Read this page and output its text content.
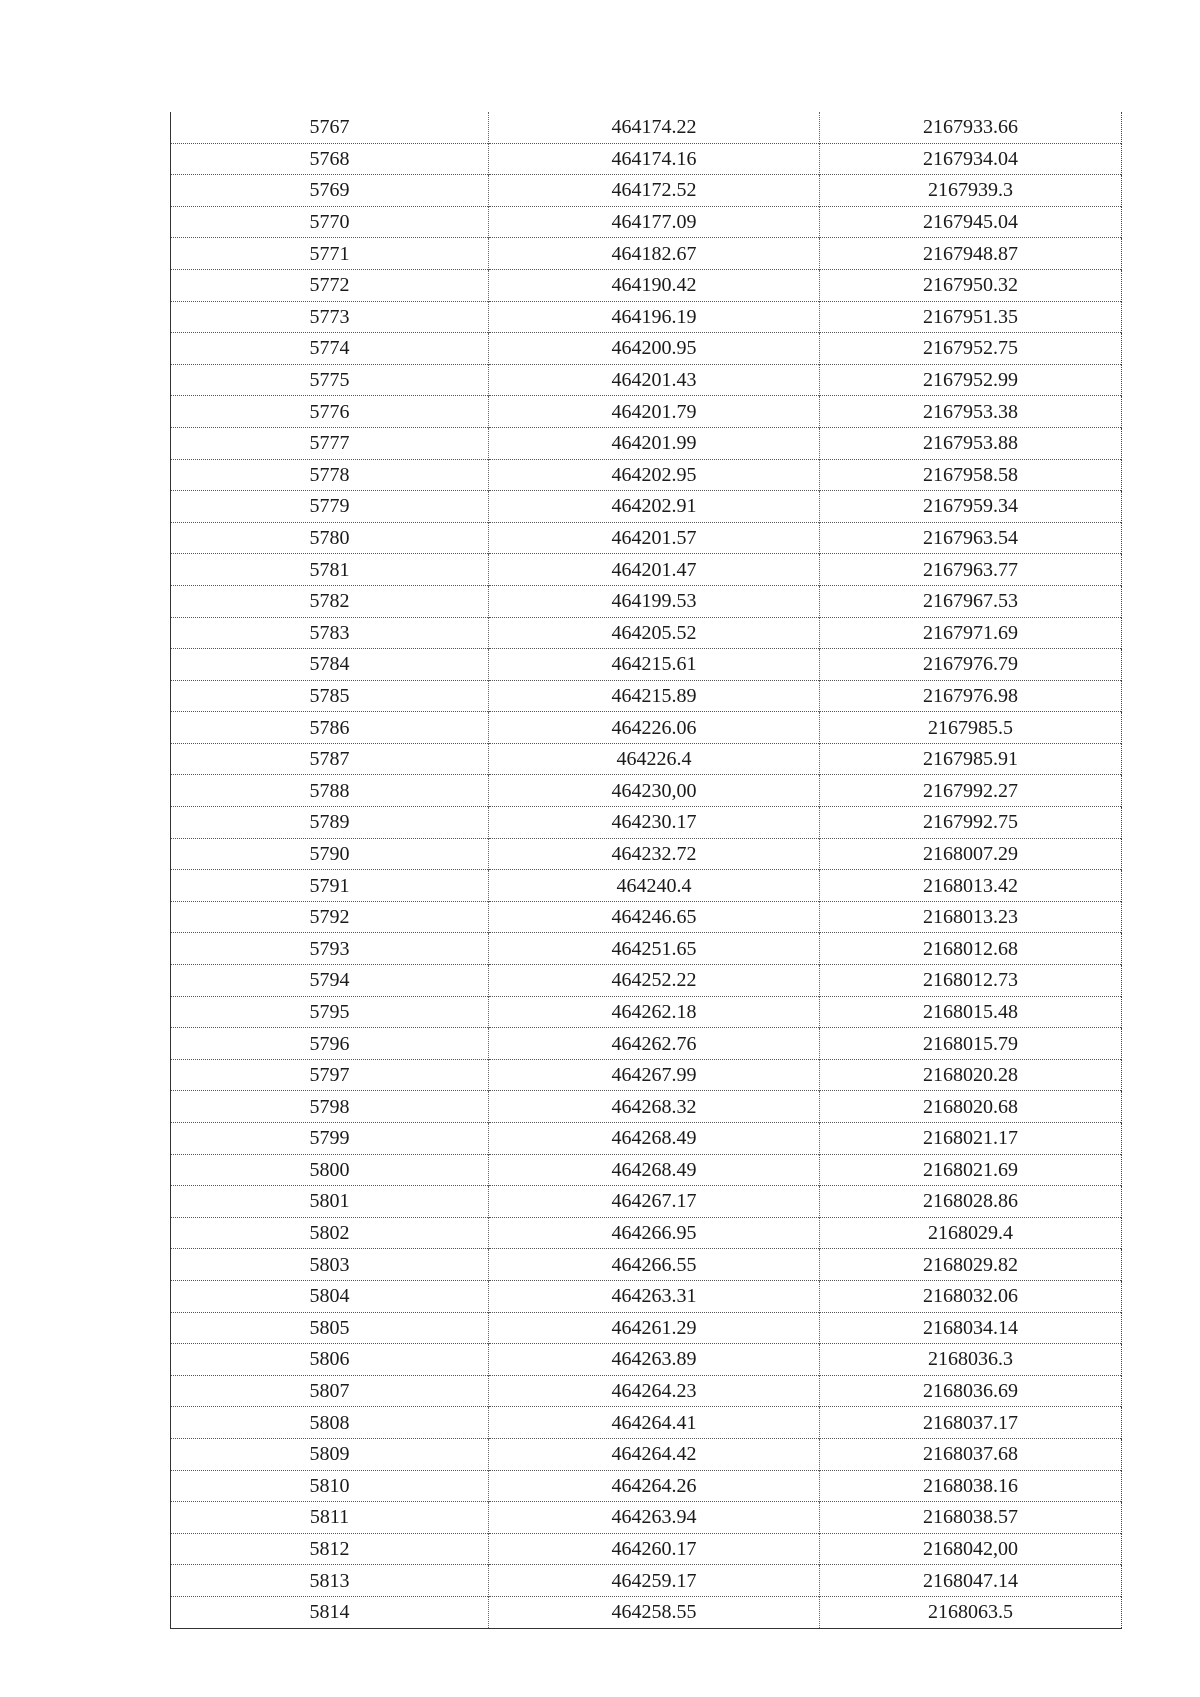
5767	464174.22	2167933.66
5768	464174.16	2167934.04
5769	464172.52	2167939.3
5770	464177.09	2167945.04
5771	464182.67	2167948.87
5772	464190.42	2167950.32
5773	464196.19	2167951.35
5774	464200.95	2167952.75
5775	464201.43	2167952.99
5776	464201.79	2167953.38
5777	464201.99	2167953.88
5778	464202.95	2167958.58
5779	464202.91	2167959.34
5780	464201.57	2167963.54
5781	464201.47	2167963.77
5782	464199.53	2167967.53
5783	464205.52	2167971.69
5784	464215.61	2167976.79
5785	464215.89	2167976.98
5786	464226.06	2167985.5
5787	464226.4	2167985.91
5788	464230,00	2167992.27
5789	464230.17	2167992.75
5790	464232.72	2168007.29
5791	464240.4	2168013.42
5792	464246.65	2168013.23
5793	464251.65	2168012.68
5794	464252.22	2168012.73
5795	464262.18	2168015.48
5796	464262.76	2168015.79
5797	464267.99	2168020.28
5798	464268.32	2168020.68
5799	464268.49	2168021.17
5800	464268.49	2168021.69
5801	464267.17	2168028.86
5802	464266.95	2168029.4
5803	464266.55	2168029.82
5804	464263.31	2168032.06
5805	464261.29	2168034.14
5806	464263.89	2168036.3
5807	464264.23	2168036.69
5808	464264.41	2168037.17
5809	464264.42	2168037.68
5810	464264.26	2168038.16
5811	464263.94	2168038.57
5812	464260.17	2168042,00
5813	464259.17	2168047.14
5814	464258.55	2168063.5
